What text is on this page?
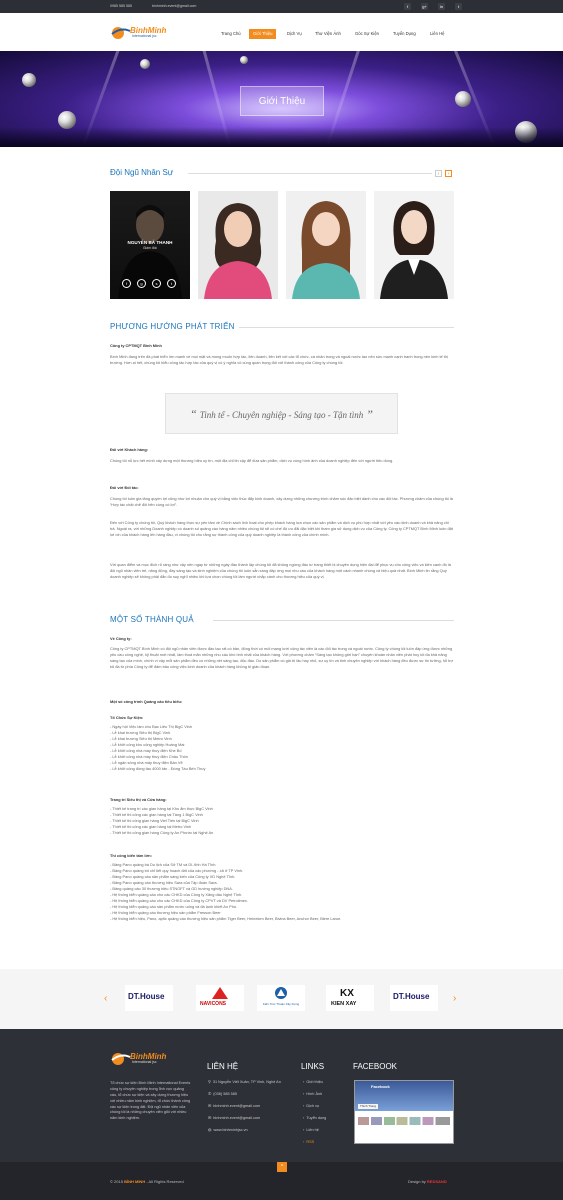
0985 585 585	binhminh.event@gmail.com	f	g+	in	t
BinhMinh
International jsc	Trang Chủ	Giới Thiệu	Dịch Vụ	Thư Viện Ảnh	Góc Sự Kiện	Tuyển Dụng	Liên Hệ
Giới Thiệu
Đội Ngũ Nhân Sự	‹	›
NGUYỄN BÁ THANH
Giám đốc
f	g	s	t
PHƯƠNG HƯỚNG PHÁT TRIỂN
Công ty CPTMQT Bình Minh
Bình Minh đang trên đà phát triển lớn mạnh về mọi mặt và mong muốn hợp tác, liên doanh, liên kết với các tổ chức, cá nhân trong và ngoài nước tạo nên sức mạnh cạnh tranh trong nền kinh tế thị trường. Hơn ai hết, chúng tôi hiểu công tác hợp tác của quý vị có ý nghĩa vô cùng quan trọng đối với thành công của Công ty chúng tôi.
“ Tinh tế - Chuyên nghiệp - Sáng tạo - Tận tình ”
Đối với Khách hàng:
Chúng tôi nỗ lực hết mình xây dựng một thương hiệu uy tín, một địa chỉ tin cậy để đưa sản phẩm, dịch vụ cùng hình ảnh của doanh nghiệp đến với người tiêu dùng.
Đối với Đối tác:
Chúng tôi luôn gia tăng quyền lợi cũng như lợi nhuận cho quý vị bằng việc thúc đẩy kinh doanh, xây dựng những chương trình chăm sóc đặc biệt dành cho các đối tác. Phương châm của chúng tôi là “Hợp tác chặt chẽ đôi bên cùng có lợi”.
Đến với Công ty chúng tôi, Quý khách hàng thực sự yên tâm về Chính sách linh hoạt cho phép khách hàng lựa chọn các sản phẩm và dịch vụ phù hợp nhất với yêu cầu kinh doanh và khả năng chi trả. Ngoài ra, với những Doanh nghiệp có doanh số quảng cáo hàng năm nhiều chúng tôi sẽ có chế độ ưu đãi đặc biệt khi tham gia sử dụng dịch vụ của Công ty. Công ty CPTMQT Bình Minh luôn đặt lợi ích của khách hàng lên hàng đầu, vì chúng tôi cho rằng sự thành công của quý doanh nghiệp là thành công của chính mình.
Với quan điểm và mục đích rõ ràng như vậy nên ngay từ những ngày đầu thành lập chúng tôi đã không ngừng đầu tư trang thiết bị chuyên dụng hiện đại để phục vụ cho công việc và kiên cạnh đó là đội ngũ nhân viên trẻ, năng động, đầy sáng tạo và kinh nghiệm của chúng tôi luôn sẵn sàng đáp ứng mọi nhu cầu của khách hàng một cách nhanh chóng và hiệu quả nhất. Bình Minh tin rằng Quý doanh nghiệp sẽ không phải đắn đo suy nghĩ nhiều khi lựa chọn chúng tôi làm người chắp cánh cho thương hiệu của quý vị.
MỘT SỐ THÀNH QUẢ
Về Công ty:
Công ty CPTMQT Bình Minh có đội ngũ nhân viên được đào tạo rất có bản, đông thời có mối mạng lưới cộng tác viên là các đối tác trong và ngoài nước. Công ty chúng tôi luôn đáp ứng được những yêu cầu công nghệ, kỹ thuật mới nhất, làm thoả mãn những nhu cầu khó tính nhất của khách hàng. Với phương châm “Sáng tạo không giới hạn” chuyên khoản nhân viên phát huy tối đa khả năng sáng tạo của mình, chính vì vậy mỗi sản phẩm đều có những nét sáng tạo, độc đáo. Do sản phẩm có giá trị lâu hay nhỏ, sự uy tín và tinh chuyên nghiệp với khách hàng đều được sự tin tưởng, hỗ trợ tối đa từ phía Công ty để đảm bảo công việc kinh doanh của khách hàng không bị gián đoạn.
Một số công trình Quảng cáo tiêu biểu:
Tổ Chức Sự Kiện:
- Ngày hội Việc làm cho Bạc Liêu Thị BigC Vinh
- Lễ khai trương Siêu thị BigC Vinh
- Lễ khai trương Siêu thị Metro Vinh
- Lễ khởi công khu công nghiệp Hoàng Mai
- Lễ khởi công nhà máy thuỷ điện Khe Bố
- Lễ khởi công nhà máy thuỷ điện Châu Thôn
- Lễ ngân sông nhà máy thuỷ điện Bản Vẽ
- Lễ khởi công đồng tàu 4000 tấn - Đóng Tàu Bến Thuỷ
Trang trí Siêu thị và Cửa hàng:
- Thiết kế trang trí các gian hàng tại Khu ẩm thực BigC Vinh
- Thiết kế thi công các gian hàng tại Tầng 1 BigC Vinh
- Thiết kế thi công gian hàng Viet Tiến tại BigC Vinh
- Thiết kế thi công các gian hàng tại Metro Vinh
- Thiết kế thi công gian hàng Công ty An Phước tại Nghệ An
Thi công biển tấm lớn:
- Bảng Pano quảng bá Du lịch của Sở TM và DL tỉnh Hà Tĩnh.
- Bảng Pano quảng bố chỉ tiết quy hoạch đất của các phường - xã ở TP Vinh.
- Bảng Pano quảng cáo sản phẩm sáng kiến của Công ty XD Nghệ Tĩnh.
- Bảng Pano quảng cáo thương hiệu Sara của Tập đoàn Sara.
- Bảng quảng cáo 30 thương hiệu STNOFT và GD hướng nghiệp DNA.
- Hệ thống biển quảng cáo cho các CHKD của Công ty Xăng dầu Nghệ Tĩnh.
- Hệ thống biển quảng cáo cho các CHKD của Công ty CPVT và DV Petrolimex.
- Hệ thống biển quảng cáo sản phẩm nước uống và đá lạnh khiết An Phú.
- Hệ thống biển quảng cáo thương hiệu sản phẩm Fresson Beer
- Hệ thống biển hiệu, Pano, apfic quảng cáo thương hiệu sản phẩm Tiger Beer, Heineken Beer, Bivina Beer, Anchor Beer, Biere Larue.
‹	DT.House
NAVICONS	Kiến Trúc Thuận Xây Dựng
KX
KIEN XAY
DT.House ›
BinhMinh
International jsc
Tổ chức sự kiện Bình Minh International Events công ty chuyên nghiệp trong lĩnh vực quảng cáo, tổ chức sự kiện và xây dựng thương hiệu với nhiều năm kinh nghiệm, tổ chức thành công các sự kiện trong đất. Đội ngũ nhân viên của chúng tôi là những chuyên viên giỏi với nhiều năm kinh nghiệm.
LIÊN HỆ
⚲  31 Nguyễn Viết Xuân, TP Vinh, Nghệ An
✆  (038) 585 585
✉  binhminh.event@gmail.com
✉  binhminh.event@gmail.com
◍  www.binhminhjsc.vn
LINKS
›  Giới thiệu
›  Hình Ảnh
›  Dịch vụ
›  Tuyển dụng
›  Liên hệ
›  RSS
FACEBOOK
Facebook
Thích Trang
© 2015 BÌNH MINH - All Rights Reserved	Design by REDSAND
^
